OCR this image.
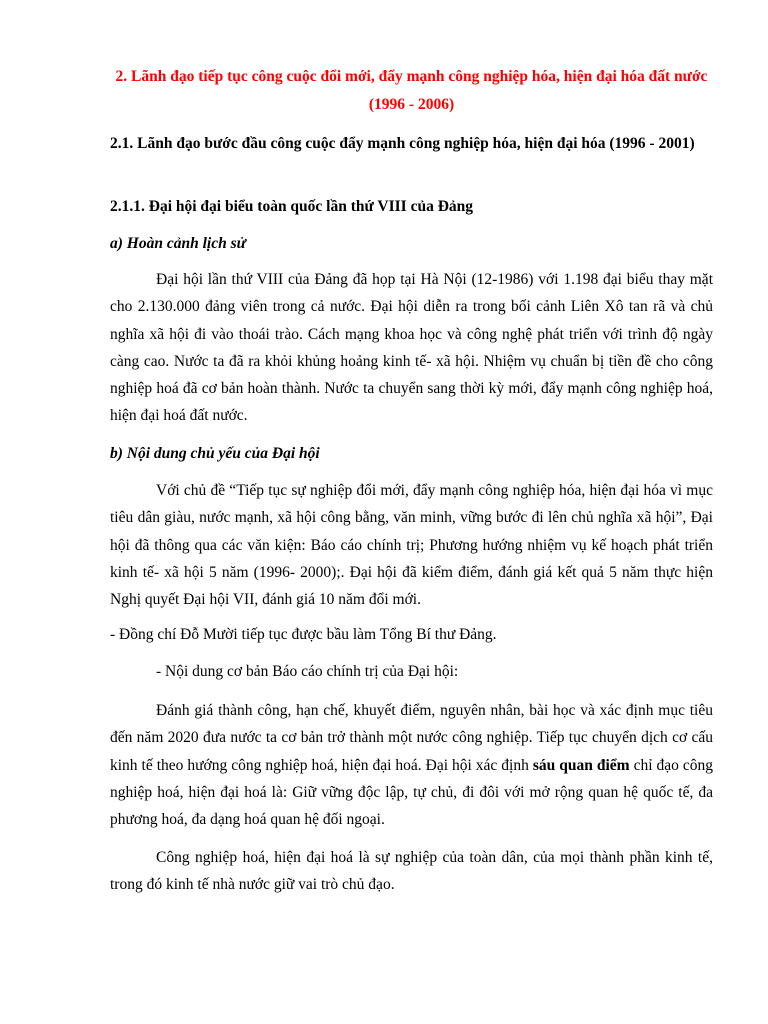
2. Lãnh đạo tiếp tục công cuộc đổi mới, đẩy mạnh công nghiệp hóa, hiện đại hóa đất nước (1996 - 2006)

2.1. Lãnh đạo bước đầu công cuộc đẩy mạnh công nghiệp hóa, hiện đại hóa (1996 - 2001)

2.1.1. Đại hội đại biểu toàn quốc lần thứ VIII của Đảng

a) Hoàn cảnh lịch sử

Đại hội lần thứ VIII của Đảng đã họp tại Hà Nội (12-1986) với 1.198 đại biểu thay mặt cho 2.130.000 đảng viên trong cả nước. Đại hội diễn ra trong bối cảnh Liên Xô tan rã và chủ nghĩa xã hội đi vào thoái trào. Cách mạng khoa học và công nghệ phát triển với trình độ ngày càng cao. Nước ta đã ra khỏi khủng hoảng kinh tế- xã hội. Nhiệm vụ chuẩn bị tiền đề cho công nghiệp hoá đã cơ bản hoàn thành. Nước ta chuyển sang thời kỳ mới, đẩy mạnh công nghiệp hoá, hiện đại hoá đất nước.

b) Nội dung chủ yếu của Đại hội

Với chủ đề “Tiếp tục sự nghiệp đổi mới, đẩy mạnh công nghiệp hóa, hiện đại hóa vì mục tiêu dân giàu, nước mạnh, xã hội công bằng, văn minh, vững bước đi lên chủ nghĩa xã hội”, Đại hội đã thông qua các văn kiện: Báo cáo chính trị; Phương hướng nhiệm vụ kế hoạch phát triển kinh tế- xã hội 5 năm (1996- 2000);. Đại hội đã kiểm điểm, đánh giá kết quả 5 năm thực hiện Nghị quyết Đại hội VII, đánh giá 10 năm đổi mới.

- Đồng chí Đỗ Mười tiếp tục được bầu làm Tổng Bí thư Đảng.

- Nội dung cơ bản Báo cáo chính trị của Đại hội:

Đánh giá thành công, hạn chế, khuyết điểm, nguyên nhân, bài học và xác định mục tiêu đến năm 2020 đưa nước ta cơ bản trở thành một nước công nghiệp. Tiếp tục chuyển dịch cơ cấu kinh tế theo hướng công nghiệp hoá, hiện đại hoá. Đại hội xác định sáu quan điểm chỉ đạo công nghiệp hoá, hiện đại hoá là: Giữ vững độc lập, tự chủ, đi đôi với mở rộng quan hệ quốc tế, đa phương hoá, đa dạng hoá quan hệ đối ngoại.

Công nghiệp hoá, hiện đại hoá là sự nghiệp của toàn dân, của mọi thành phần kinh tế, trong đó kinh tế nhà nước giữ vai trò chủ đạo.
